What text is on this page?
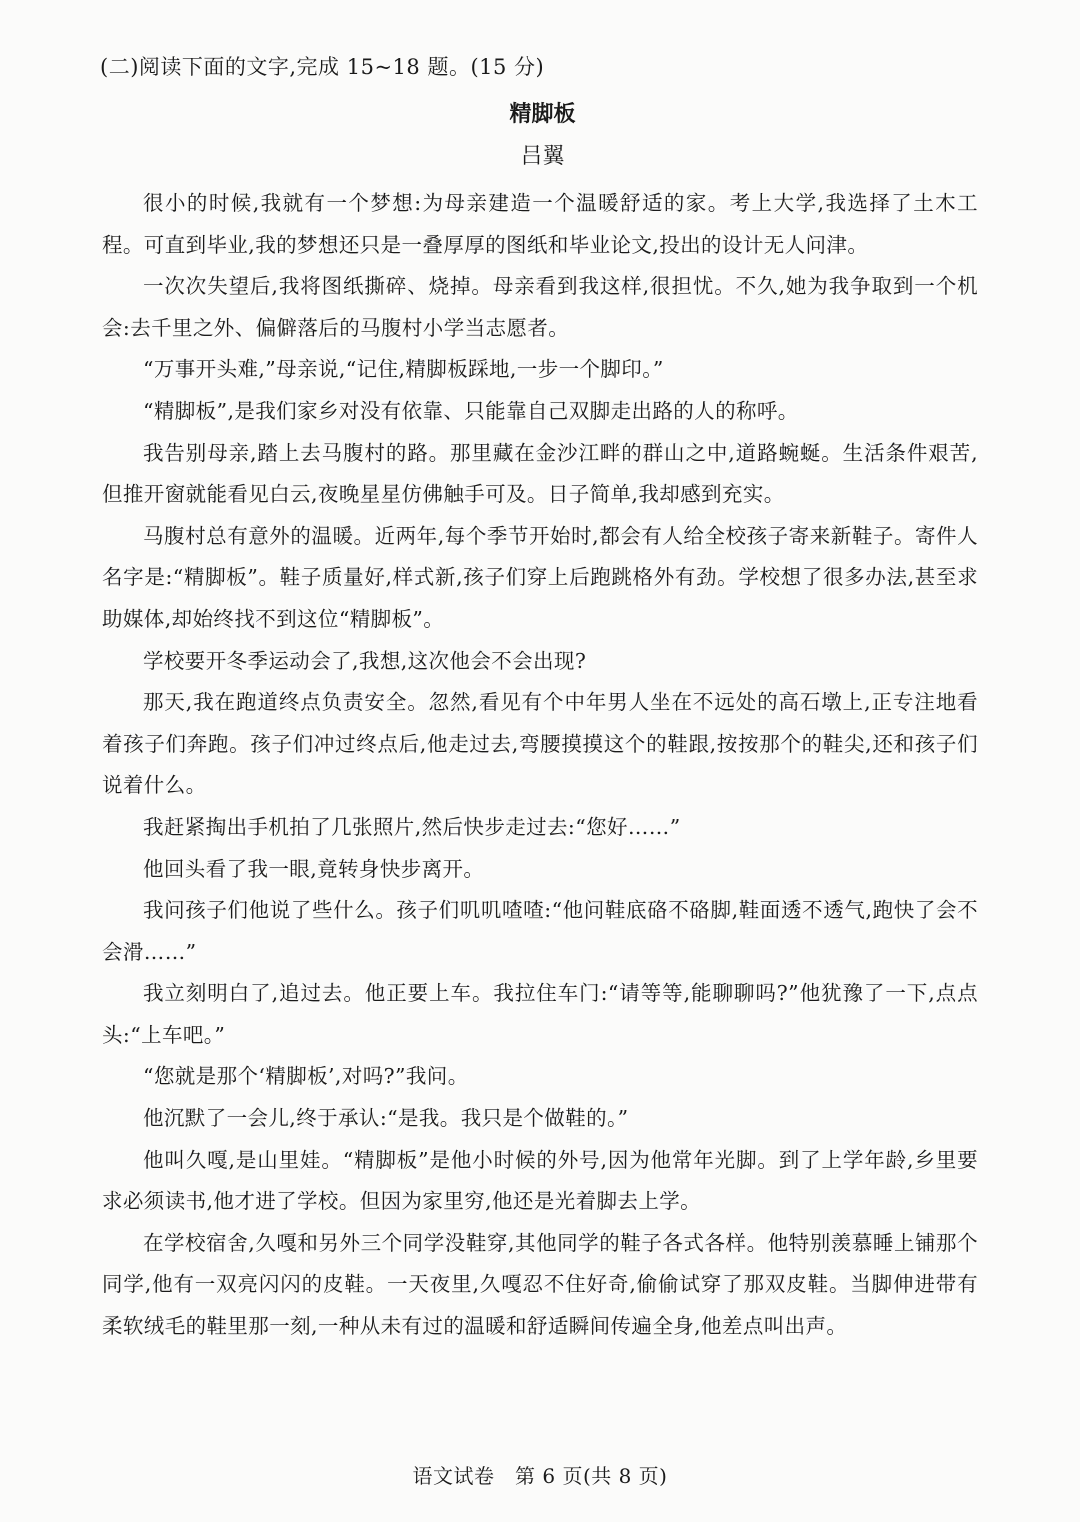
(二)阅读下面的文字,完成 15~18 题。(15 分)
精脚板
吕翼

很小的时候,我就有一个梦想:为母亲建造一个温暖舒适的家。考上大学,我选择了土木工程。可直到毕业,我的梦想还只是一叠厚厚的图纸和毕业论文,投出的设计无人问津。

一次次失望后,我将图纸撕碎、烧掉。母亲看到我这样,很担忧。不久,她为我争取到一个机会:去千里之外、偏僻落后的马腹村小学当志愿者。

“万事开头难,”母亲说,“记住,精脚板踩地,一步一个脚印。”

“精脚板”,是我们家乡对没有依靠、只能靠自己双脚走出路的人的称呼。

我告别母亲,踏上去马腹村的路。那里藏在金沙江畔的群山之中,道路蜿蜒。生活条件艰苦,但推开窗就能看见白云,夜晚星星仿佛触手可及。日子简单,我却感到充实。

马腹村总有意外的温暖。近两年,每个季节开始时,都会有人给全校孩子寄来新鞋子。寄件人名字是:“精脚板”。鞋子质量好,样式新,孩子们穿上后跑跳格外有劲。学校想了很多办法,甚至求助媒体,却始终找不到这位“精脚板”。

学校要开冬季运动会了,我想,这次他会不会出现?

那天,我在跑道终点负责安全。忽然,看见有个中年男人坐在不远处的高石墩上,正专注地看着孩子们奔跑。孩子们冲过终点后,他走过去,弯腰摸摸这个的鞋跟,按按那个的鞋尖,还和孩子们说着什么。

我赶紧掏出手机拍了几张照片,然后快步走过去:“您好……”

他回头看了我一眼,竟转身快步离开。

我问孩子们他说了些什么。孩子们叽叽喳喳:“他问鞋底硌不硌脚,鞋面透不透气,跑快了会不会滑……”

我立刻明白了,追过去。他正要上车。我拉住车门:“请等等,能聊聊吗?”他犹豫了一下,点点头:“上车吧。”

“您就是那个‘精脚板’,对吗?”我问。

他沉默了一会儿,终于承认:“是我。我只是个做鞋的。”

他叫久嘎,是山里娃。“精脚板”是他小时候的外号,因为他常年光脚。到了上学年龄,乡里要求必须读书,他才进了学校。但因为家里穷,他还是光着脚去上学。

在学校宿舍,久嘎和另外三个同学没鞋穿,其他同学的鞋子各式各样。他特别羡慕睡上铺那个同学,他有一双亮闪闪的皮鞋。一天夜里,久嘎忍不住好奇,偷偷试穿了那双皮鞋。当脚伸进带有柔软绒毛的鞋里那一刻,一种从未有过的温暖和舒适瞬间传遍全身,他差点叫出声。

语文试卷　第 6 页(共 8 页)
